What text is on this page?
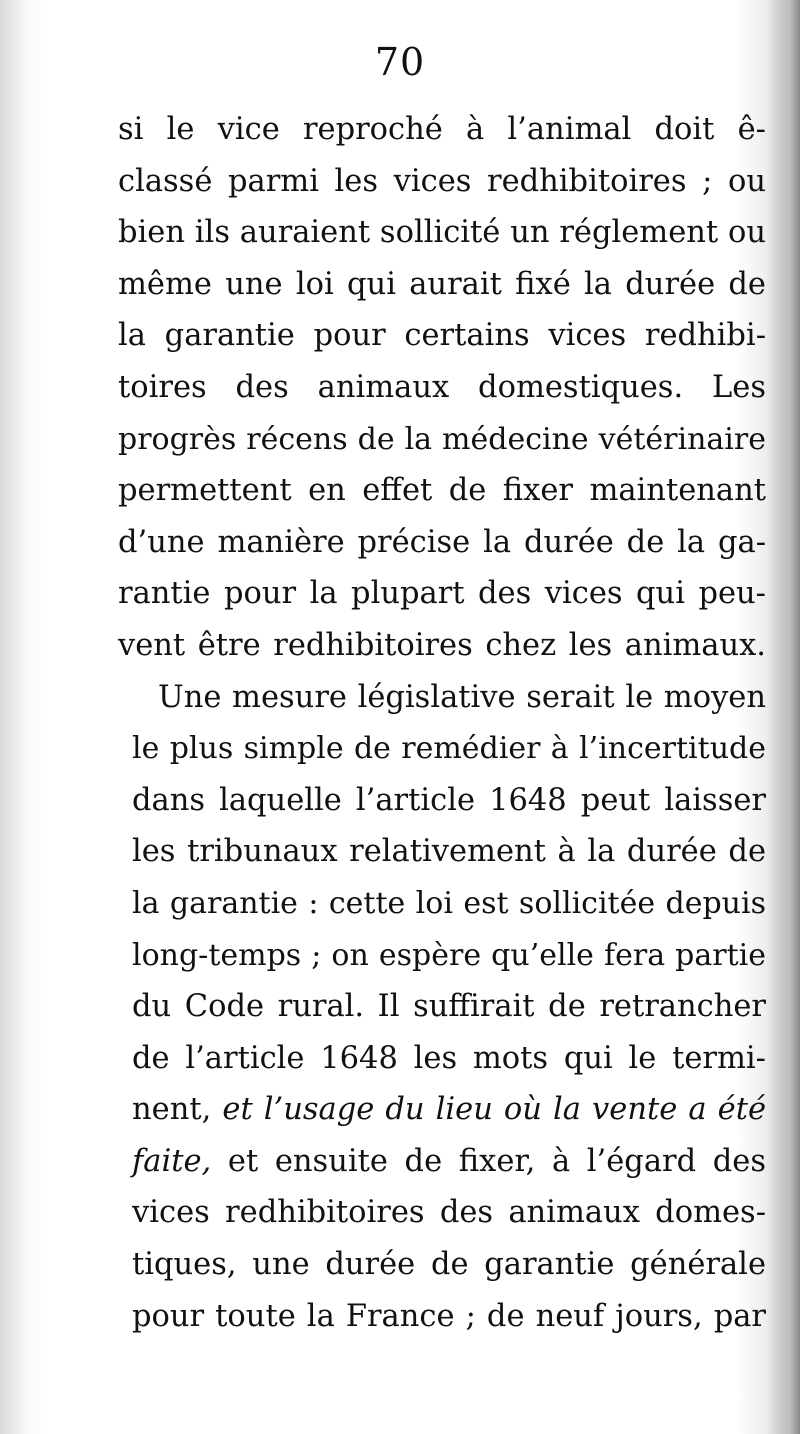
70
si le vice reproché à l’animal doit ê-
classé parmi les vices redhibitoires ; ou
bien ils auraient sollicité un réglement ou
même une loi qui aurait fixé la durée de
la garantie pour certains vices redhibi-
toires des animaux domestiques. Les
progrès récens de la médecine vétérinaire
permettent en effet de fixer maintenant
d’une manière précise la durée de la ga-
rantie pour la plupart des vices qui peu-
vent être redhibitoires chez les animaux.
Une mesure législative serait le moyen
le plus simple de remédier à l’incertitude
dans laquelle l’article 1648 peut laisser
les tribunaux relativement à la durée de
la garantie : cette loi est sollicitée depuis
long-temps ; on espère qu’elle fera partie
du Code rural. Il suffirait de retrancher
de l’article 1648 les mots qui le termi-
nent, et l’usage du lieu où la vente a été
faite, et ensuite de fixer, à l’égard des
vices redhibitoires des animaux domes-
tiques, une durée de garantie générale
pour toute la France ; de neuf jours, par
